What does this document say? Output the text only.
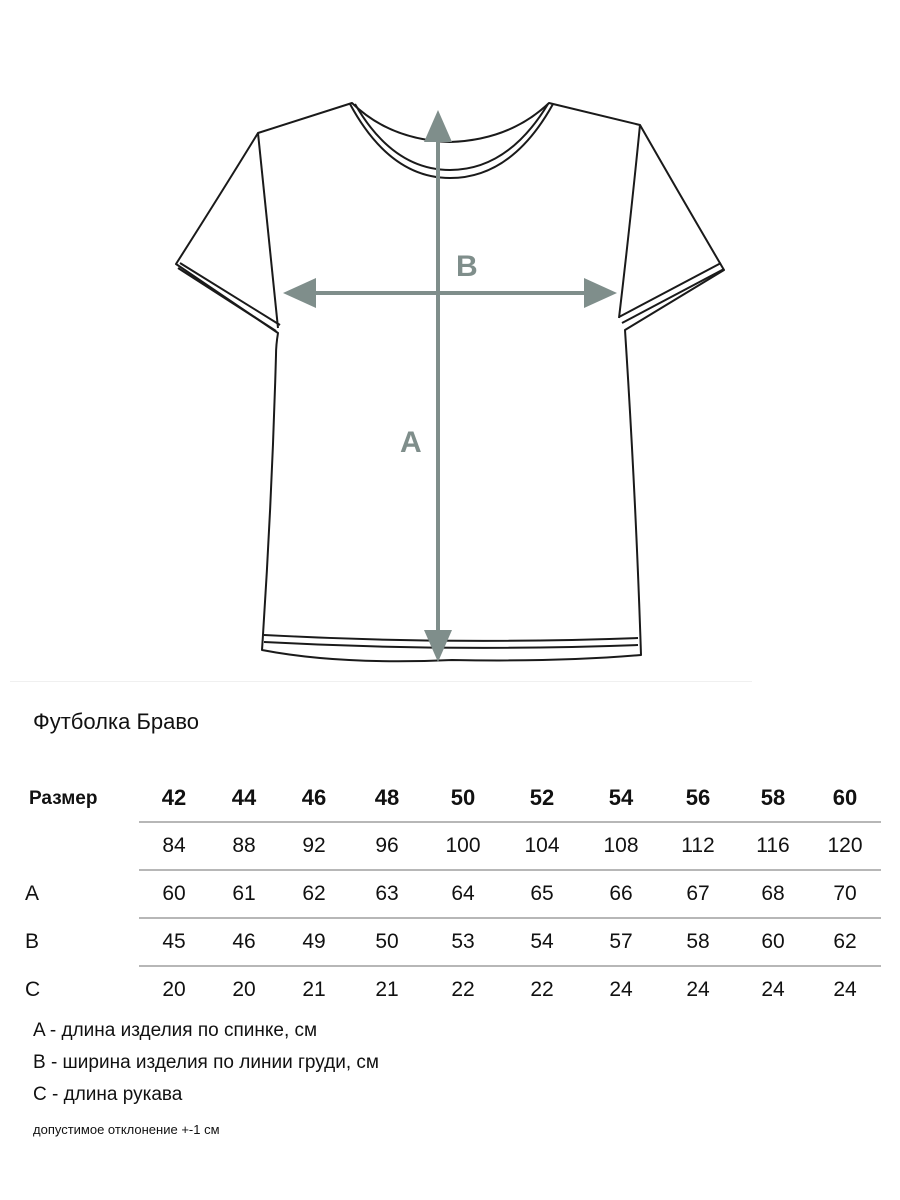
B
A
Футболка Браво
Размер	42	44	46	48	50	52	54	56	58	60
	84	88	92	96	100	104	108	112	116	120
A	60	61	62	63	64	65	66	67	68	70
B	45	46	49	50	53	54	57	58	60	62
C	20	20	21	21	22	22	24	24	24	24
A - длина изделия по спинке, см
B - ширина изделия по линии груди, см
C - длина рукава
допустимое отклонение +-1 см
